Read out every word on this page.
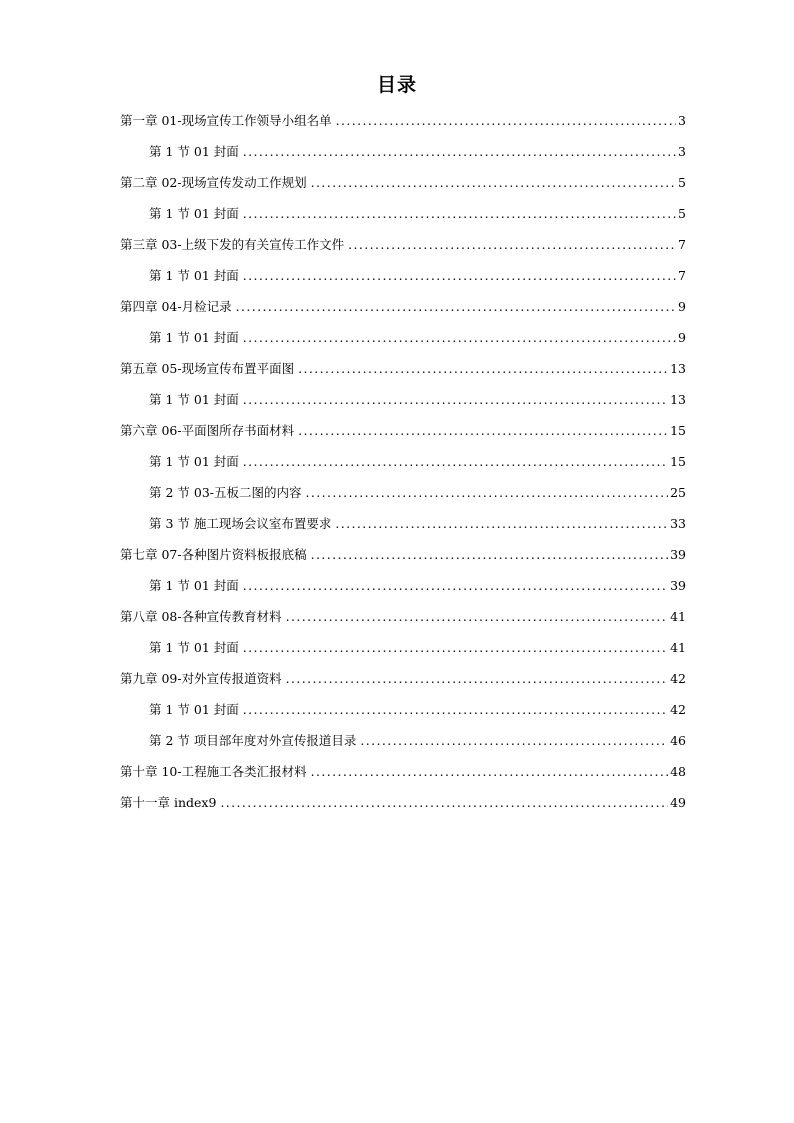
目录
第一章 01-现场宣传工作领导小组名单 .....	3
第 1 节 01 封面 .....	3
第二章 02-现场宣传发动工作规划 .....	5
第 1 节 01 封面 .....	5
第三章 03-上级下发的有关宣传工作文件 .....	7
第 1 节 01 封面 .....	7
第四章 04-月检记录 .....	9
第 1 节 01 封面 .....	9
第五章 05-现场宣传布置平面图 .....	13
第 1 节 01 封面 .....	13
第六章 06-平面图所存书面材料 .....	15
第 1 节 01 封面 .....	15
第 2 节 03-五板二图的内容 .....	25
第 3 节 施工现场会议室布置要求 .....	33
第七章 07-各种图片资料板报底稿 .....	39
第 1 节 01 封面 .....	39
第八章 08-各种宣传教育材料 .....	41
第 1 节 01 封面 .....	41
第九章 09-对外宣传报道资料 .....	42
第 1 节 01 封面 .....	42
第 2 节 项目部年度对外宣传报道目录 .....	46
第十章 10-工程施工各类汇报材料 .....	48
第十一章 index9 .....	49
